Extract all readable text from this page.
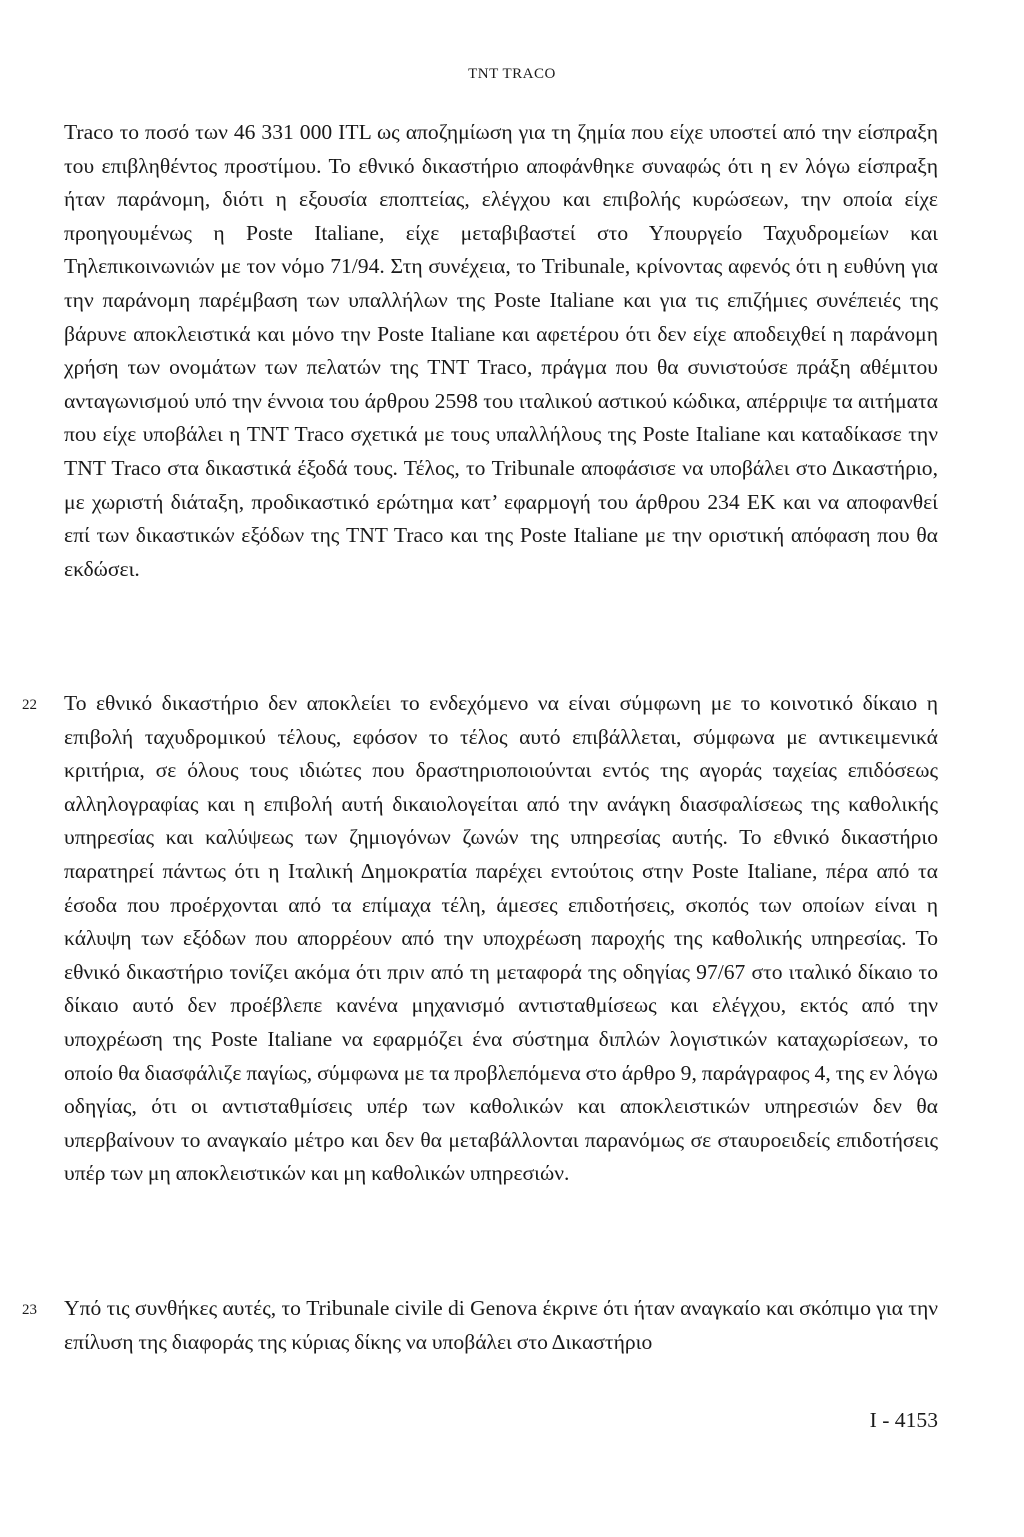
TNT TRACO
Traco το ποσό των 46 331 000 ITL ως αποζημίωση για τη ζημία που είχε υποστεί από την είσπραξη του επιβληθέντος προστίμου. Το εθνικό δικαστήριο αποφάνθηκε συναφώς ότι η εν λόγω είσπραξη ήταν παράνομη, διότι η εξουσία εποπτείας, ελέγχου και επιβολής κυρώσεων, την οποία είχε προηγουμένως η Poste Italiane, είχε μεταβιβαστεί στο Υπουργείο Ταχυδρομείων και Τηλεπικοινωνιών με τον νόμο 71/94. Στη συνέχεια, το Tribunale, κρίνοντας αφενός ότι η ευθύνη για την παράνομη παρέμβαση των υπαλλήλων της Poste Italiane και για τις επιζήμιες συνέπειές της βάρυνε αποκλειστικά και μόνο την Poste Italiane και αφετέρου ότι δεν είχε αποδειχθεί η παράνομη χρήση των ονομάτων των πελατών της TNT Traco, πράγμα που θα συνιστούσε πράξη αθέμιτου ανταγωνισμού υπό την έννοια του άρθρου 2598 του ιταλικού αστικού κώδικα, απέρριψε τα αιτήματα που είχε υποβάλει η TNT Traco σχετικά με τους υπαλλήλους της Poste Italiane και καταδίκασε την TNT Traco στα δικαστικά έξοδά τους. Τέλος, το Tribunale αποφάσισε να υποβάλει στο Δικαστήριο, με χωριστή διάταξη, προδικαστικό ερώτημα κατ’ εφαρμογή του άρθρου 234 ΕΚ και να αποφανθεί επί των δικαστικών εξόδων της TNT Traco και της Poste Italiane με την οριστική απόφαση που θα εκδώσει.
22 Το εθνικό δικαστήριο δεν αποκλείει το ενδεχόμενο να είναι σύμφωνη με το κοινοτικό δίκαιο η επιβολή ταχυδρομικού τέλους, εφόσον το τέλος αυτό επιβάλλεται, σύμφωνα με αντικειμενικά κριτήρια, σε όλους τους ιδιώτες που δραστηριοποιούνται εντός της αγοράς ταχείας επιδόσεως αλληλογραφίας και η επιβολή αυτή δικαιολογείται από την ανάγκη διασφαλίσεως της καθολικής υπηρεσίας και καλύψεως των ζημιογόνων ζωνών της υπηρεσίας αυτής. Το εθνικό δικαστήριο παρατηρεί πάντως ότι η Ιταλική Δημοκρατία παρέχει εντούτοις στην Poste Italiane, πέρα από τα έσοδα που προέρχονται από τα επίμαχα τέλη, άμεσες επιδοτήσεις, σκοπός των οποίων είναι η κάλυψη των εξόδων που απορρέουν από την υποχρέωση παροχής της καθολικής υπηρεσίας. Το εθνικό δικαστήριο τονίζει ακόμα ότι πριν από τη μεταφορά της οδηγίας 97/67 στο ιταλικό δίκαιο το δίκαιο αυτό δεν προέβλεπε κανένα μηχανισμό αντισταθμίσεως και ελέγχου, εκτός από την υποχρέωση της Poste Italiane να εφαρμόζει ένα σύστημα διπλών λογιστικών καταχωρίσεων, το οποίο θα διασφάλιζε παγίως, σύμφωνα με τα προβλεπόμενα στο άρθρο 9, παράγραφος 4, της εν λόγω οδηγίας, ότι οι αντισταθμίσεις υπέρ των καθολικών και αποκλειστικών υπηρεσιών δεν θα υπερβαίνουν το αναγκαίο μέτρο και δεν θα μεταβάλλονται παρανόμως σε σταυροειδείς επιδοτήσεις υπέρ των μη αποκλειστικών και μη καθολικών υπηρεσιών.
23 Υπό τις συνθήκες αυτές, το Tribunale civile di Genova έκρινε ότι ήταν αναγκαίο και σκόπιμο για την επίλυση της διαφοράς της κύριας δίκης να υποβάλει στο Δικαστήριο
I - 4153
